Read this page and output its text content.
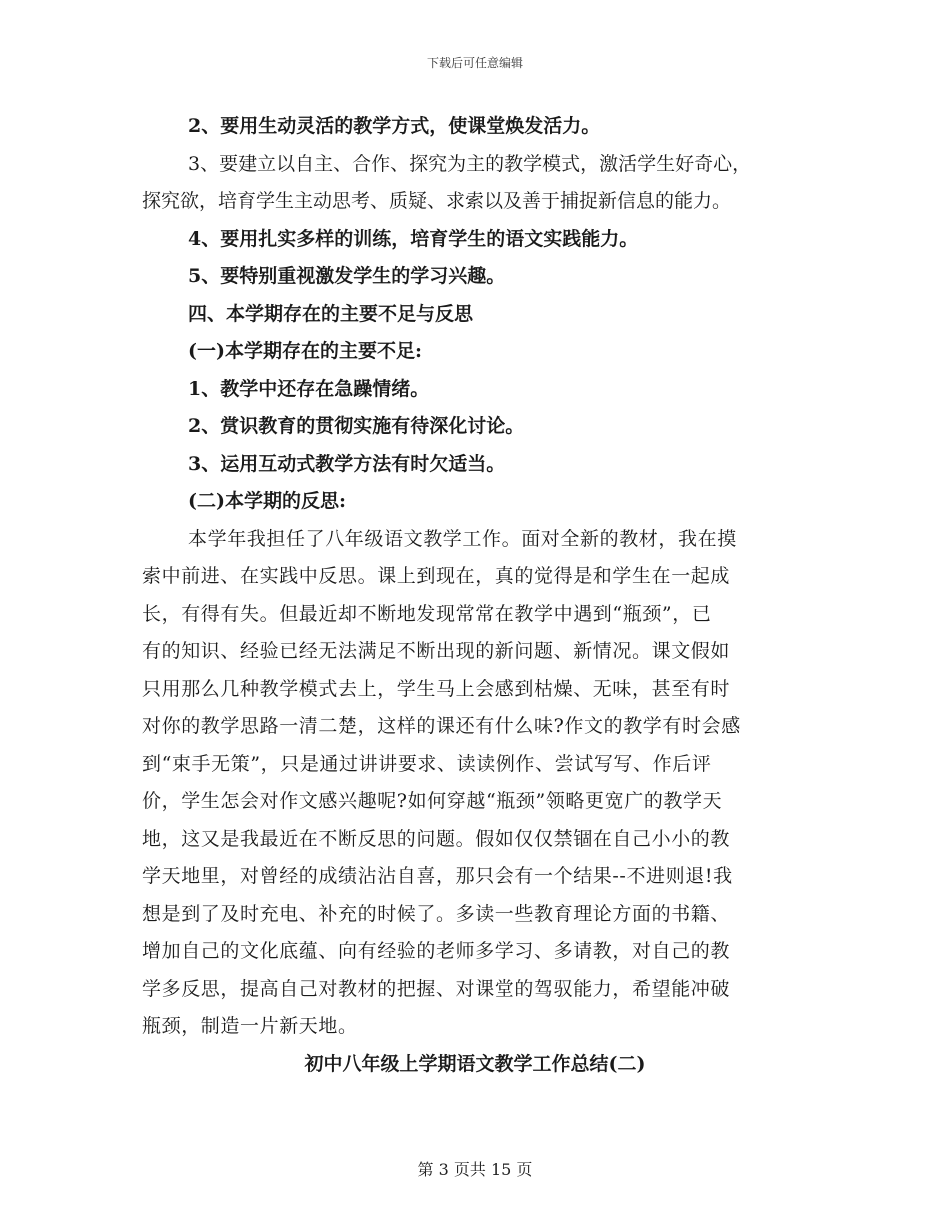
下载后可任意编辑
2、要用生动灵活的教学方式，使课堂焕发活力。
3、要建立以自主、合作、探究为主的教学模式，激活学生好奇心，
探究欲，培育学生主动思考、质疑、求索以及善于捕捉新信息的能力。
4、要用扎实多样的训练，培育学生的语文实践能力。
5、要特别重视激发学生的学习兴趣。
四、本学期存在的主要不足与反思
(一)本学期存在的主要不足:
1、教学中还存在急躁情绪。
2、赏识教育的贯彻实施有待深化讨论。
3、运用互动式教学方法有时欠适当。
(二)本学期的反思:
本学年我担任了八年级语文教学工作。面对全新的教材，我在摸
索中前进、在实践中反思。课上到现在，真的觉得是和学生在一起成
长，有得有失。但最近却不断地发现常常在教学中遇到“瓶颈”，已
有的知识、经验已经无法满足不断出现的新问题、新情况。课文假如
只用那么几种教学模式去上，学生马上会感到枯燥、无味，甚至有时
对你的教学思路一清二楚，这样的课还有什么味?作文的教学有时会感
到“束手无策”，只是通过讲讲要求、读读例作、尝试写写、作后评
价，学生怎会对作文感兴趣呢?如何穿越“瓶颈”领略更宽广的教学天
地，这又是我最近在不断反思的问题。假如仅仅禁锢在自己小小的教
学天地里，对曾经的成绩沾沾自喜，那只会有一个结果--不进则退!我
想是到了及时充电、补充的时候了。多读一些教育理论方面的书籍、
增加自己的文化底蕴、向有经验的老师多学习、多请教，对自己的教
学多反思，提高自己对教材的把握、对课堂的驾驭能力，希望能冲破
瓶颈，制造一片新天地。
初中八年级上学期语文教学工作总结(二)
第 3 页共 15 页
